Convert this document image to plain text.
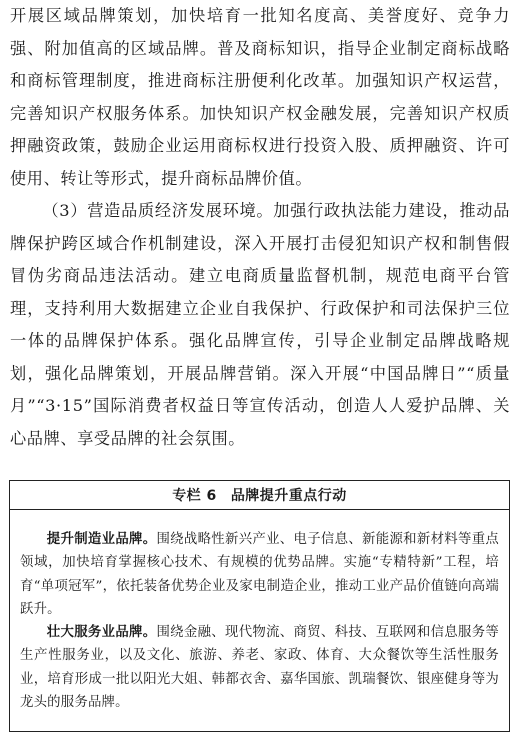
开展区域品牌策划，加快培育一批知名度高、美誉度好、竞争力强、附加值高的区域品牌。普及商标知识，指导企业制定商标战略和商标管理制度，推进商标注册便利化改革。加强知识产权运营，完善知识产权服务体系。加快知识产权金融发展，完善知识产权质押融资政策，鼓励企业运用商标权进行投资入股、质押融资、许可使用、转让等形式，提升商标品牌价值。

（3）营造品质经济发展环境。加强行政执法能力建设，推动品牌保护跨区域合作机制建设，深入开展打击侵犯知识产权和制售假冒伪劣商品违法活动。建立电商质量监督机制，规范电商平台管理，支持利用大数据建立企业自我保护、行政保护和司法保护三位一体的品牌保护体系。强化品牌宣传，引导企业制定品牌战略规划，强化品牌策划，开展品牌营销。深入开展“中国品牌日”“质量月”“3·15”国际消费者权益日等宣传活动，创造人人爱护品牌、关心品牌、享受品牌的社会氛围。

专栏 6 品牌提升重点行动

提升制造业品牌。围绕战略性新兴产业、电子信息、新能源和新材料等重点领域，加快培育掌握核心技术、有规模的优势品牌。实施“专精特新”工程，培育“单项冠军”，依托装备优势企业及家电制造企业，推动工业产品价值链向高端跃升。

壮大服务业品牌。围绕金融、现代物流、商贸、科技、互联网和信息服务等生产性服务业，以及文化、旅游、养老、家政、体育、大众餐饮等生活性服务业，培育形成一批以阳光大姐、韩都衣舍、嘉华国旅、凯瑞餐饮、银座健身等为龙头的服务品牌。
